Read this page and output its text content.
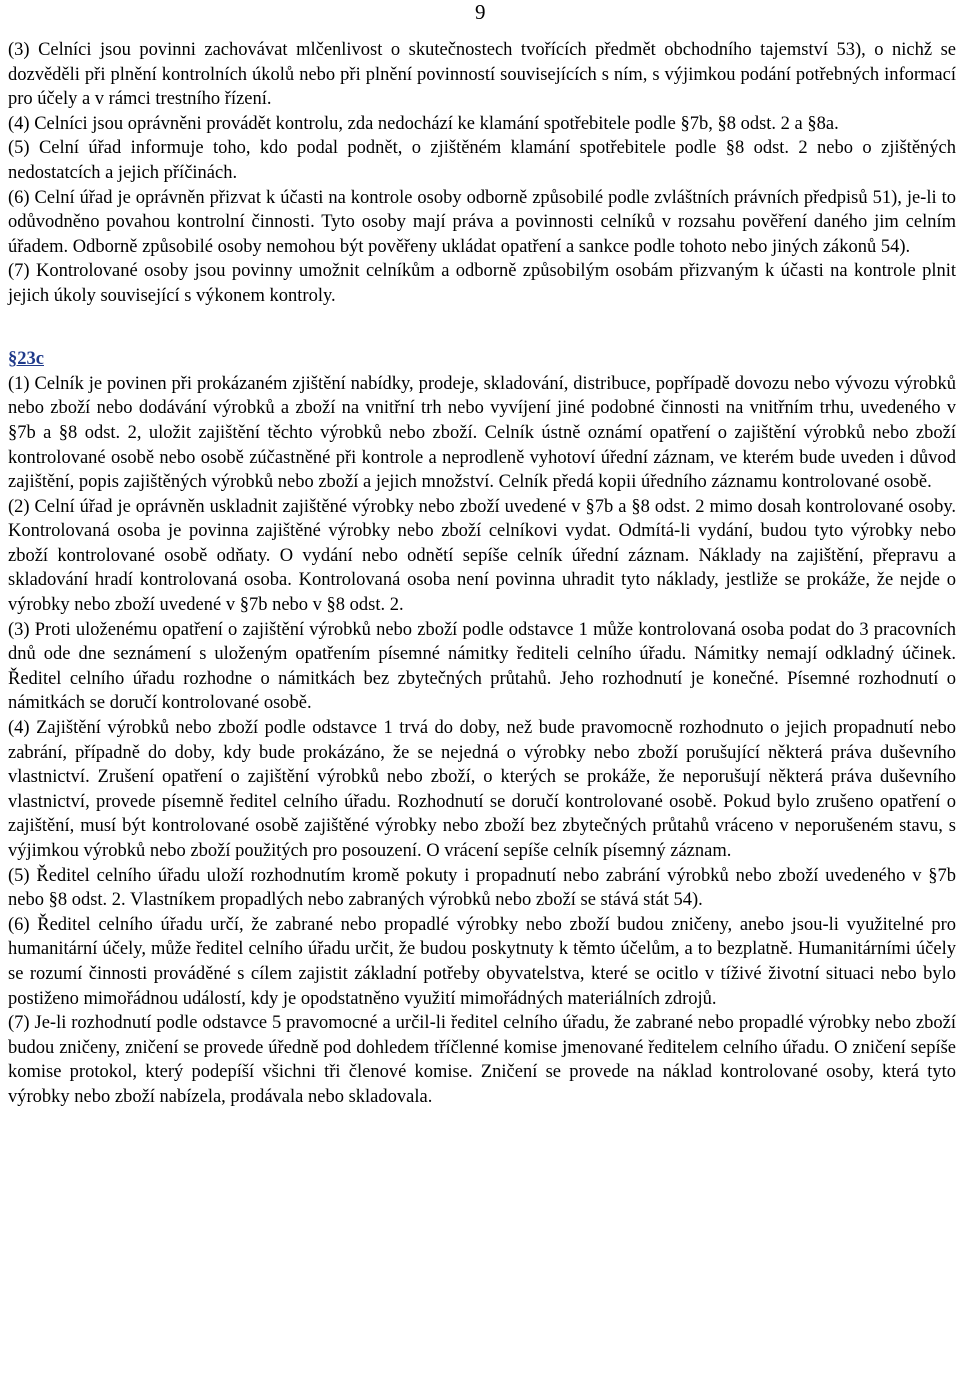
9

(3) Celníci jsou povinni zachovávat mlčenlivost o skutečnostech tvořících předmět obchodního tajemství 53), o nichž se dozvěděli při plnění kontrolních úkolů nebo při plnění povinností souvisejících s ním, s výjimkou podání potřebných informací pro účely a v rámci trestního řízení.

(4) Celníci jsou oprávněni provádět kontrolu, zda nedochází ke klamání spotřebitele podle §7b, §8 odst. 2 a §8a.

(5) Celní úřad informuje toho, kdo podal podnět, o zjištěném klamání spotřebitele podle §8 odst. 2 nebo o zjištěných nedostatcích a jejich příčinách.

(6) Celní úřad je oprávněn přizvat k účasti na kontrole osoby odborně způsobilé podle zvláštních právních předpisů 51), je-li to odůvodněno povahou kontrolní činnosti. Tyto osoby mají práva a povinnosti celníků v rozsahu pověření daného jim celním úřadem. Odborně způsobilé osoby nemohou být pověřeny ukládat opatření a sankce podle tohoto nebo jiných zákonů 54).

(7) Kontrolované osoby jsou povinny umožnit celníkům a odborně způsobilým osobám přizvaným k účasti na kontrole plnit jejich úkoly související s výkonem kontroly.

§23c

(1) Celník je povinen při prokázaném zjištění nabídky, prodeje, skladování, distribuce, popřípadě dovozu nebo vývozu výrobků nebo zboží nebo dodávání výrobků a zboží na vnitřní trh nebo vyvíjení jiné podobné činnosti na vnitřním trhu, uvedeného v §7b a §8 odst. 2, uložit zajištění těchto výrobků nebo zboží. Celník ústně oznámí opatření o zajištění výrobků nebo zboží kontrolované osobě nebo osobě zúčastněné při kontrole a neprodleně vyhotoví úřední záznam, ve kterém bude uveden i důvod zajištění, popis zajištěných výrobků nebo zboží a jejich množství. Celník předá kopii úředního záznamu kontrolované osobě.

(2) Celní úřad je oprávněn uskladnit zajištěné výrobky nebo zboží uvedené v §7b a §8 odst. 2 mimo dosah kontrolované osoby. Kontrolovaná osoba je povinna zajištěné výrobky nebo zboží celníkovi vydat. Odmítá-li vydání, budou tyto výrobky nebo zboží kontrolované osobě odňaty. O vydání nebo odnětí sepíše celník úřední záznam. Náklady na zajištění, přepravu a skladování hradí kontrolovaná osoba. Kontrolovaná osoba není povinna uhradit tyto náklady, jestliže se prokáže, že nejde o výrobky nebo zboží uvedené v §7b nebo v §8 odst. 2.

(3) Proti uloženému opatření o zajištění výrobků nebo zboží podle odstavce 1 může kontrolovaná osoba podat do 3 pracovních dnů ode dne seznámení s uloženým opatřením písemné námitky řediteli celního úřadu. Námitky nemají odkladný účinek. Ředitel celního úřadu rozhodne o námitkách bez zbytečných průtahů. Jeho rozhodnutí je konečné. Písemné rozhodnutí o námitkách se doručí kontrolované osobě.

(4) Zajištění výrobků nebo zboží podle odstavce 1 trvá do doby, než bude pravomocně rozhodnuto o jejich propadnutí nebo zabrání, případně do doby, kdy bude prokázáno, že se nejedná o výrobky nebo zboží porušující některá práva duševního vlastnictví. Zrušení opatření o zajištění výrobků nebo zboží, o kterých se prokáže, že neporušují některá práva duševního vlastnictví, provede písemně ředitel celního úřadu. Rozhodnutí se doručí kontrolované osobě. Pokud bylo zrušeno opatření o zajištění, musí být kontrolované osobě zajištěné výrobky nebo zboží bez zbytečných průtahů vráceno v neporušeném stavu, s výjimkou výrobků nebo zboží použitých pro posouzení. O vrácení sepíše celník písemný záznam.

(5) Ředitel celního úřadu uloží rozhodnutím kromě pokuty i propadnutí nebo zabrání výrobků nebo zboží uvedeného v §7b nebo §8 odst. 2. Vlastníkem propadlých nebo zabraných výrobků nebo zboží se stává stát 54).

(6) Ředitel celního úřadu určí, že zabrané nebo propadlé výrobky nebo zboží budou zničeny, anebo jsou-li využitelné pro humanitární účely, může ředitel celního úřadu určit, že budou poskytnuty k těmto účelům, a to bezplatně. Humanitárními účely se rozumí činnosti prováděné s cílem zajistit základní potřeby obyvatelstva, které se ocitlo v tíživé životní situaci nebo bylo postiženo mimořádnou událostí, kdy je opodstatněno využití mimořádných materiálních zdrojů.

(7) Je-li rozhodnutí podle odstavce 5 pravomocné a určil-li ředitel celního úřadu, že zabrané nebo propadlé výrobky nebo zboží budou zničeny, zničení se provede úředně pod dohledem tříčlenné komise jmenované ředitelem celního úřadu. O zničení sepíše komise protokol, který podepíší všichni tři členové komise. Zničení se provede na náklad kontrolované osoby, která tyto výrobky nebo zboží nabízela, prodávala nebo skladovala.
